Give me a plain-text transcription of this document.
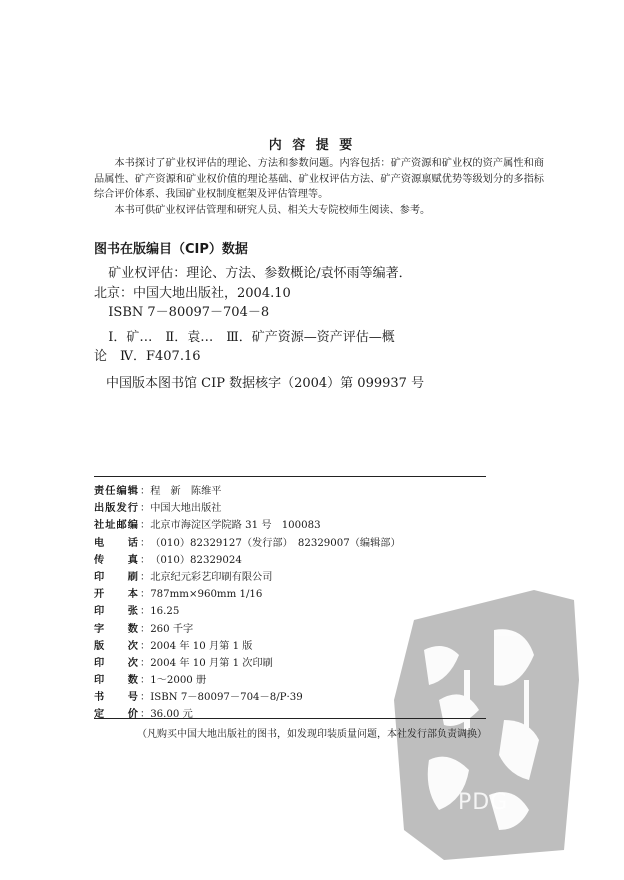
PDG
内 容 提 要

本书探讨了矿业权评估的理论、方法和参数问题。内容包括：矿产资源和矿业权的资产属性和商品属性、矿产资源和矿业权价值的理论基础、矿业权评估方法、矿产资源禀赋优势等级划分的多指标综合评价体系、我国矿业权制度框架及评估管理等。

本书可供矿业权评估管理和研究人员、相关大专院校师生阅读、参考。

图书在版编目（CIP）数据

矿业权评估：理论、方法、参数概论/袁怀雨等编著．

北京：中国大地出版社，2004.10

ISBN 7－80097－704－8

Ⅰ．矿…　Ⅱ．袁…　Ⅲ．矿产资源—资产评估—概

论　Ⅳ．F407.16

中国版本图书馆 CIP 数据核字（2004）第 099937 号
责任编辑 ： 程　新　陈维平
出版发行 ： 中国大地出版社
社址邮编 ： 北京市海淀区学院路 31 号　100083
电　　话 ： （010）82329127（发行部）　82329007（编辑部）
传　　真 ： （010）82329024
印　　刷 ： 北京纪元彩艺印刷有限公司
开　　本 ： 787mm×960mm 1/16
印　　张 ： 16.25
字　　数 ： 260 千字
版　　次 ： 2004 年 10 月第 1 版
印　　次 ： 2004 年 10 月第 1 次印刷
印　　数 ： 1～2000 册
书　　号 ： ISBN 7－80097－704－8/P·39
定　　价 ： 36.00 元
（凡购买中国大地出版社的图书，如发现印装质量问题，本社发行部负责调换）
